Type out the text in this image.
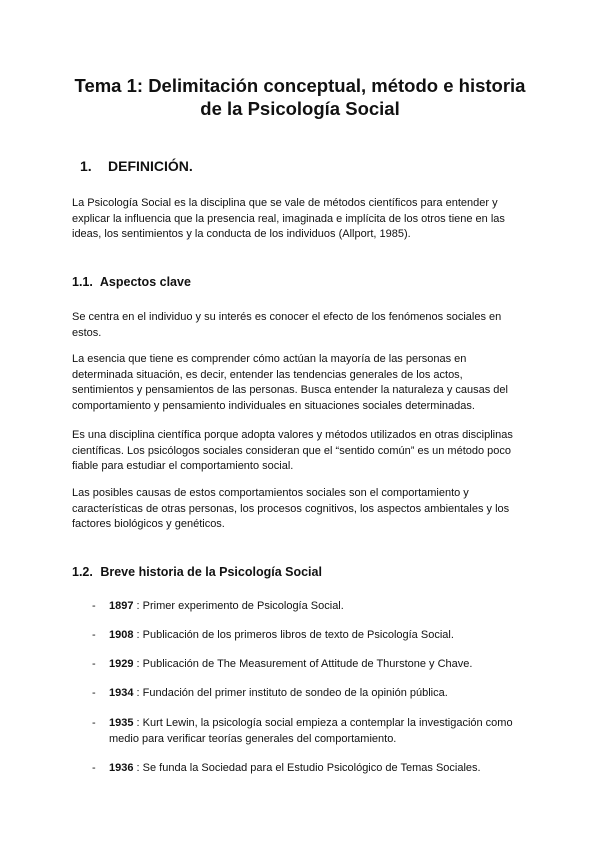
Tema 1: Delimitación conceptual, método e historia
de la Psicología Social
1. DEFINICIÓN.

La Psicología Social es la disciplina que se vale de métodos científicos para entender y explicar la influencia que la presencia real, imaginada e implícita de los otros tiene en las ideas, los sentimientos y la conducta de los individuos (Allport, 1985).

1.1. Aspectos clave

Se centra en el individuo y su interés es conocer el efecto de los fenómenos sociales en estos.

La esencia que tiene es comprender cómo actúan la mayoría de las personas en determinada situación, es decir, entender las tendencias generales de los actos, sentimientos y pensamientos de las personas. Busca entender la naturaleza y causas del comportamiento y pensamiento individuales en situaciones sociales determinadas.

Es una disciplina científica porque adopta valores y métodos utilizados en otras disciplinas científicas. Los psicólogos sociales consideran que el “sentido común” es un método poco fiable para estudiar el comportamiento social.

Las posibles causas de estos comportamientos sociales son el comportamiento y características de otras personas, los procesos cognitivos, los aspectos ambientales y los factores biológicos y genéticos.

1.2. Breve historia de la Psicología Social
- 1897 : Primer experimento de Psicología Social.
- 1908 : Publicación de los primeros libros de texto de Psicología Social.
- 1929 : Publicación de The Measurement of Attitude de Thurstone y Chave.
- 1934 : Fundación del primer instituto de sondeo de la opinión pública.
- 1935 : Kurt Lewin, la psicología social empieza a contemplar la investigación como medio para verificar teorías generales del comportamiento.
- 1936 : Se funda la Sociedad para el Estudio Psicológico de Temas Sociales.
